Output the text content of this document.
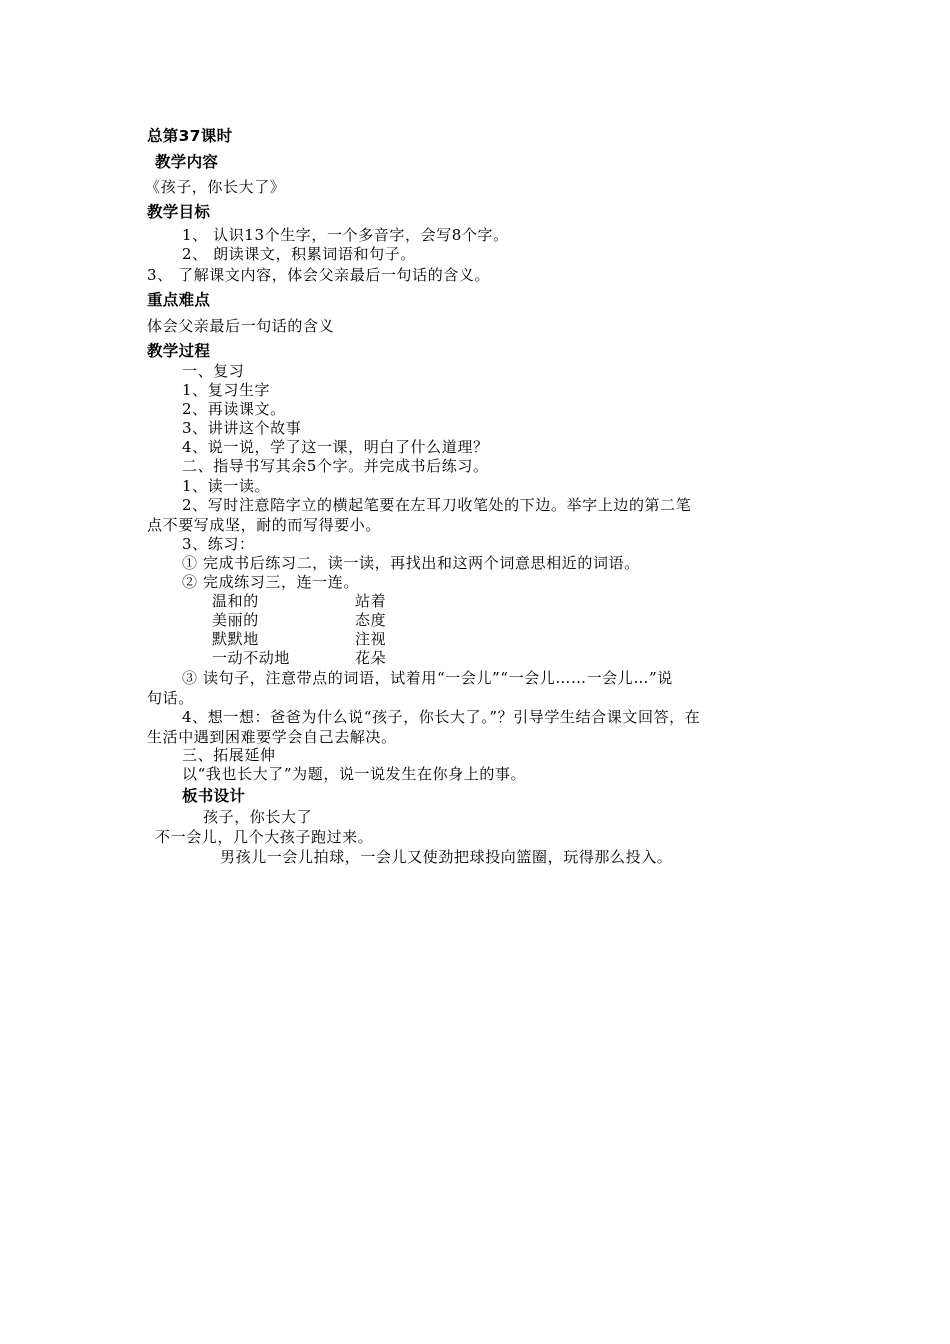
总第37课时
教学内容
《孩子，你长大了》
教学目标
1、 认识13个生字，一个多音字，会写8个字。
2、 朗读课文，积累词语和句子。
3、 了解课文内容，体会父亲最后一句话的含义。
重点难点
体会父亲最后一句话的含义
教学过程
一、复习
1、复习生字
2、再读课文。
3、讲讲这个故事
4、说一说，学了这一课，明白了什么道理？
二、指导书写其余5个字。并完成书后练习。
1、读一读。
2、写时注意陪字立的横起笔要在左耳刀收笔处的下边。举字上边的第二笔
点不要写成坚，耐的而写得要小。
3、练习：
① 完成书后练习二，读一读，再找出和这两个词意思相近的词语。
② 完成练习三，连一连。
温和的	站着
美丽的	态度
默默地	注视
一动不动地	花朵
③ 读句子，注意带点的词语，试着用“一会儿”“一会儿……一会儿…”说
句话。
4、想一想：爸爸为什么说“孩子，你长大了。”？引导学生结合课文回答，在
生活中遇到困难要学会自己去解决。
三、拓展延伸
以“我也长大了”为题，说一说发生在你身上的事。
板书设计
孩子，你长大了
不一会儿，几个大孩子跑过来。
男孩儿一会儿拍球，一会儿又使劲把球投向篮圈，玩得那么投入。
